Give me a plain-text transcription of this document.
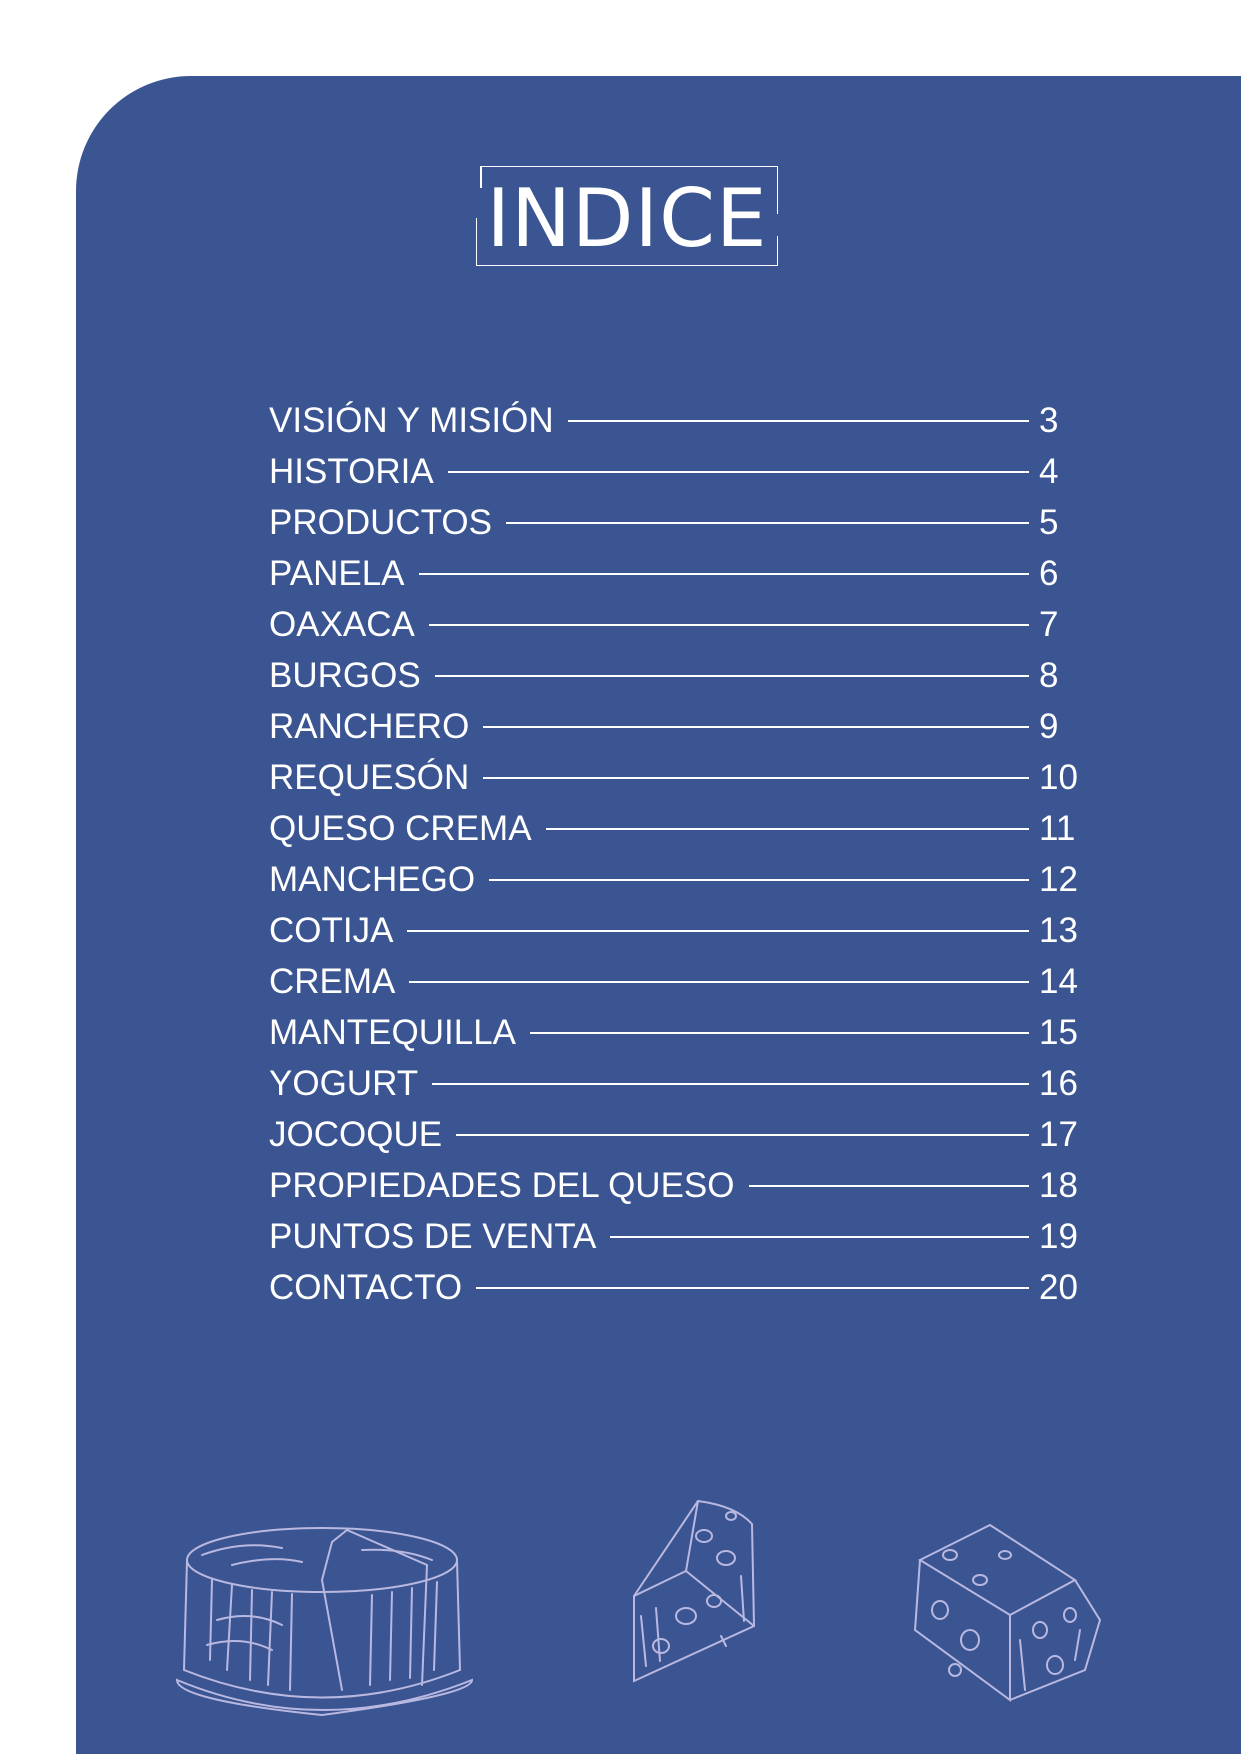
INDICE
VISIÓN Y MISIÓN	3
HISTORIA	4
PRODUCTOS	5
PANELA	6
OAXACA	7
BURGOS	8
RANCHERO	9
REQUESÓN	10
QUESO CREMA	11
MANCHEGO	12
COTIJA	13
CREMA	14
MANTEQUILLA	15
YOGURT	16
JOCOQUE	17
PROPIEDADES DEL QUESO	18
PUNTOS DE VENTA	19
CONTACTO	20
